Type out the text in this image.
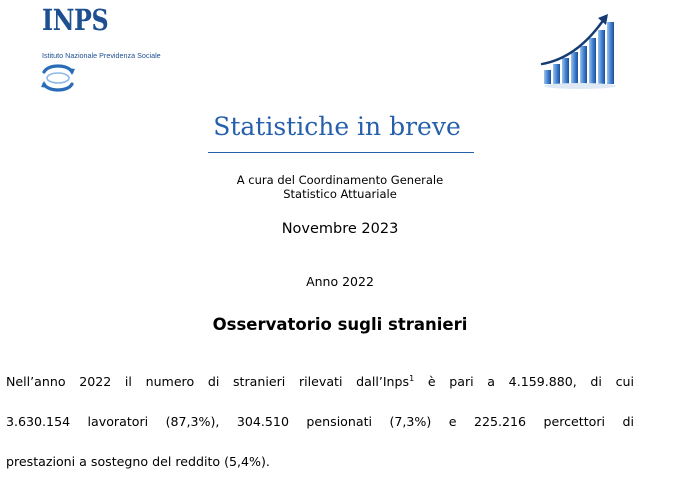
INPS
Istituto Nazionale Previdenza Sociale
Statistiche in breve
A cura del Coordinamento Generale
Statistico Attuariale
Novembre 2023
Anno 2022
Osservatorio sugli stranieri

Nell’anno 2022 il numero di stranieri rilevati dall’Inps$^1$ è pari a 4.159.880, di cui

3.630.154 lavoratori (87,3%), 304.510 pensionati (7,3%) e 225.216 percettori di

prestazioni a sostegno del reddito (5,4%).
